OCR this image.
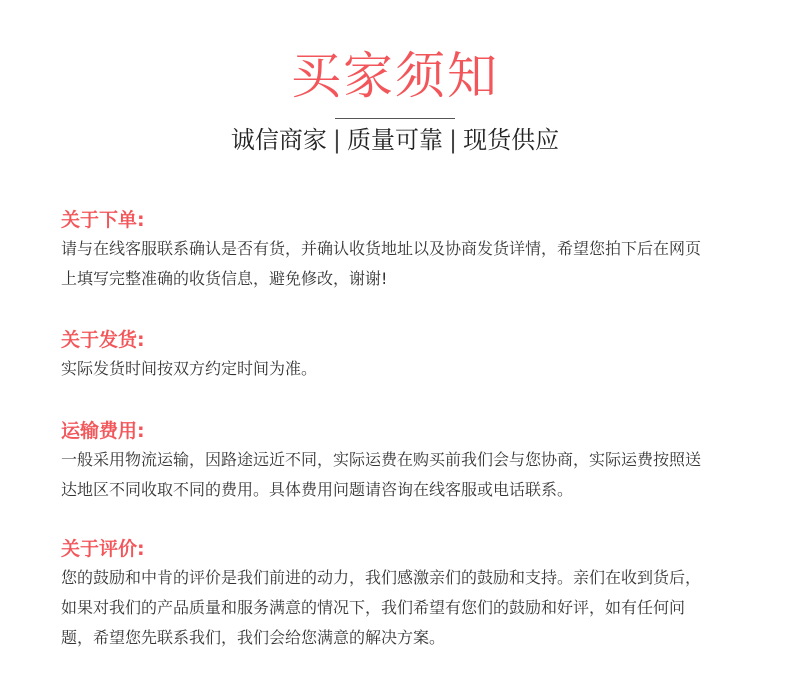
买家须知
诚信商家 | 质量可靠 | 现货供应
关于下单:

请与在线客服联系确认是否有货，并确认收货地址以及协商发货详情，希望您拍下后在网页

上填写完整准确的收货信息，避免修改，谢谢!

关于发货:

实际发货时间按双方约定时间为准。

运输费用:

一般采用物流运输，因路途远近不同，实际运费在购买前我们会与您协商，实际运费按照送

达地区不同收取不同的费用。具体费用问题请咨询在线客服或电话联系。

关于评价:

您的鼓励和中肯的评价是我们前进的动力，我们感激亲们的鼓励和支持。亲们在收到货后，

如果对我们的产品质量和服务满意的情况下，我们希望有您们的鼓励和好评，如有任何问

题，希望您先联系我们，我们会给您满意的解决方案。
